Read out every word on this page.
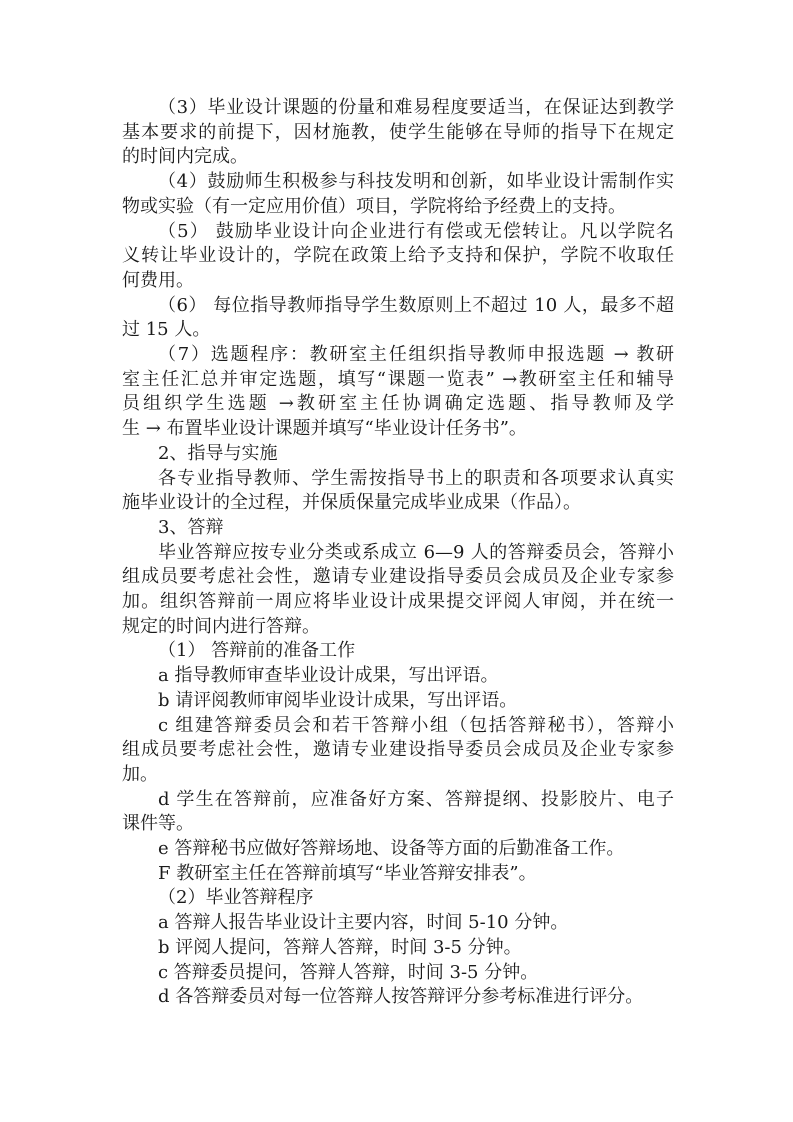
（3）毕业设计课题的份量和难易程度要适当，在保证达到教学
基本要求的前提下，因材施教，使学生能够在导师的指导下在规定
的时间内完成。
（4）鼓励师生积极参与科技发明和创新，如毕业设计需制作实
物或实验（有一定应用价值）项目，学院将给予经费上的支持。
（5） 鼓励毕业设计向企业进行有偿或无偿转让。凡以学院名
义转让毕业设计的，学院在政策上给予支持和保护，学院不收取任
何费用。
（6） 每位指导教师指导学生数原则上不超过 10 人，最多不超
过 15 人。
（7）选题程序：教研室主任组织指导教师申报选题 → 教研
室主任汇总并审定选题，填写“课题一览表” →教研室主任和辅导
员组织学生选题 →教研室主任协调确定选题、指导教师及学
生 → 布置毕业设计课题并填写“毕业设计任务书”。
2、指导与实施
各专业指导教师、学生需按指导书上的职责和各项要求认真实
施毕业设计的全过程，并保质保量完成毕业成果（作品）。
3、答辩
毕业答辩应按专业分类或系成立 6—9 人的答辩委员会，答辩小
组成员要考虑社会性，邀请专业建设指导委员会成员及企业专家参
加。组织答辩前一周应将毕业设计成果提交评阅人审阅，并在统一
规定的时间内进行答辩。
（1） 答辩前的准备工作
a 指导教师审查毕业设计成果，写出评语。
b 请评阅教师审阅毕业设计成果，写出评语。
c 组建答辩委员会和若干答辩小组（包括答辩秘书），答辩小
组成员要考虑社会性，邀请专业建设指导委员会成员及企业专家参
加。
d 学生在答辩前，应准备好方案、答辩提纲、投影胶片、电子
课件等。
e 答辩秘书应做好答辩场地、设备等方面的后勤准备工作。
F 教研室主任在答辩前填写“毕业答辩安排表”。
（2）毕业答辩程序
a 答辩人报告毕业设计主要内容，时间 5-10 分钟。
b 评阅人提问，答辩人答辩，时间 3-5 分钟。
c 答辩委员提问，答辩人答辩，时间 3-5 分钟。
d 各答辩委员对每一位答辩人按答辩评分参考标准进行评分。
